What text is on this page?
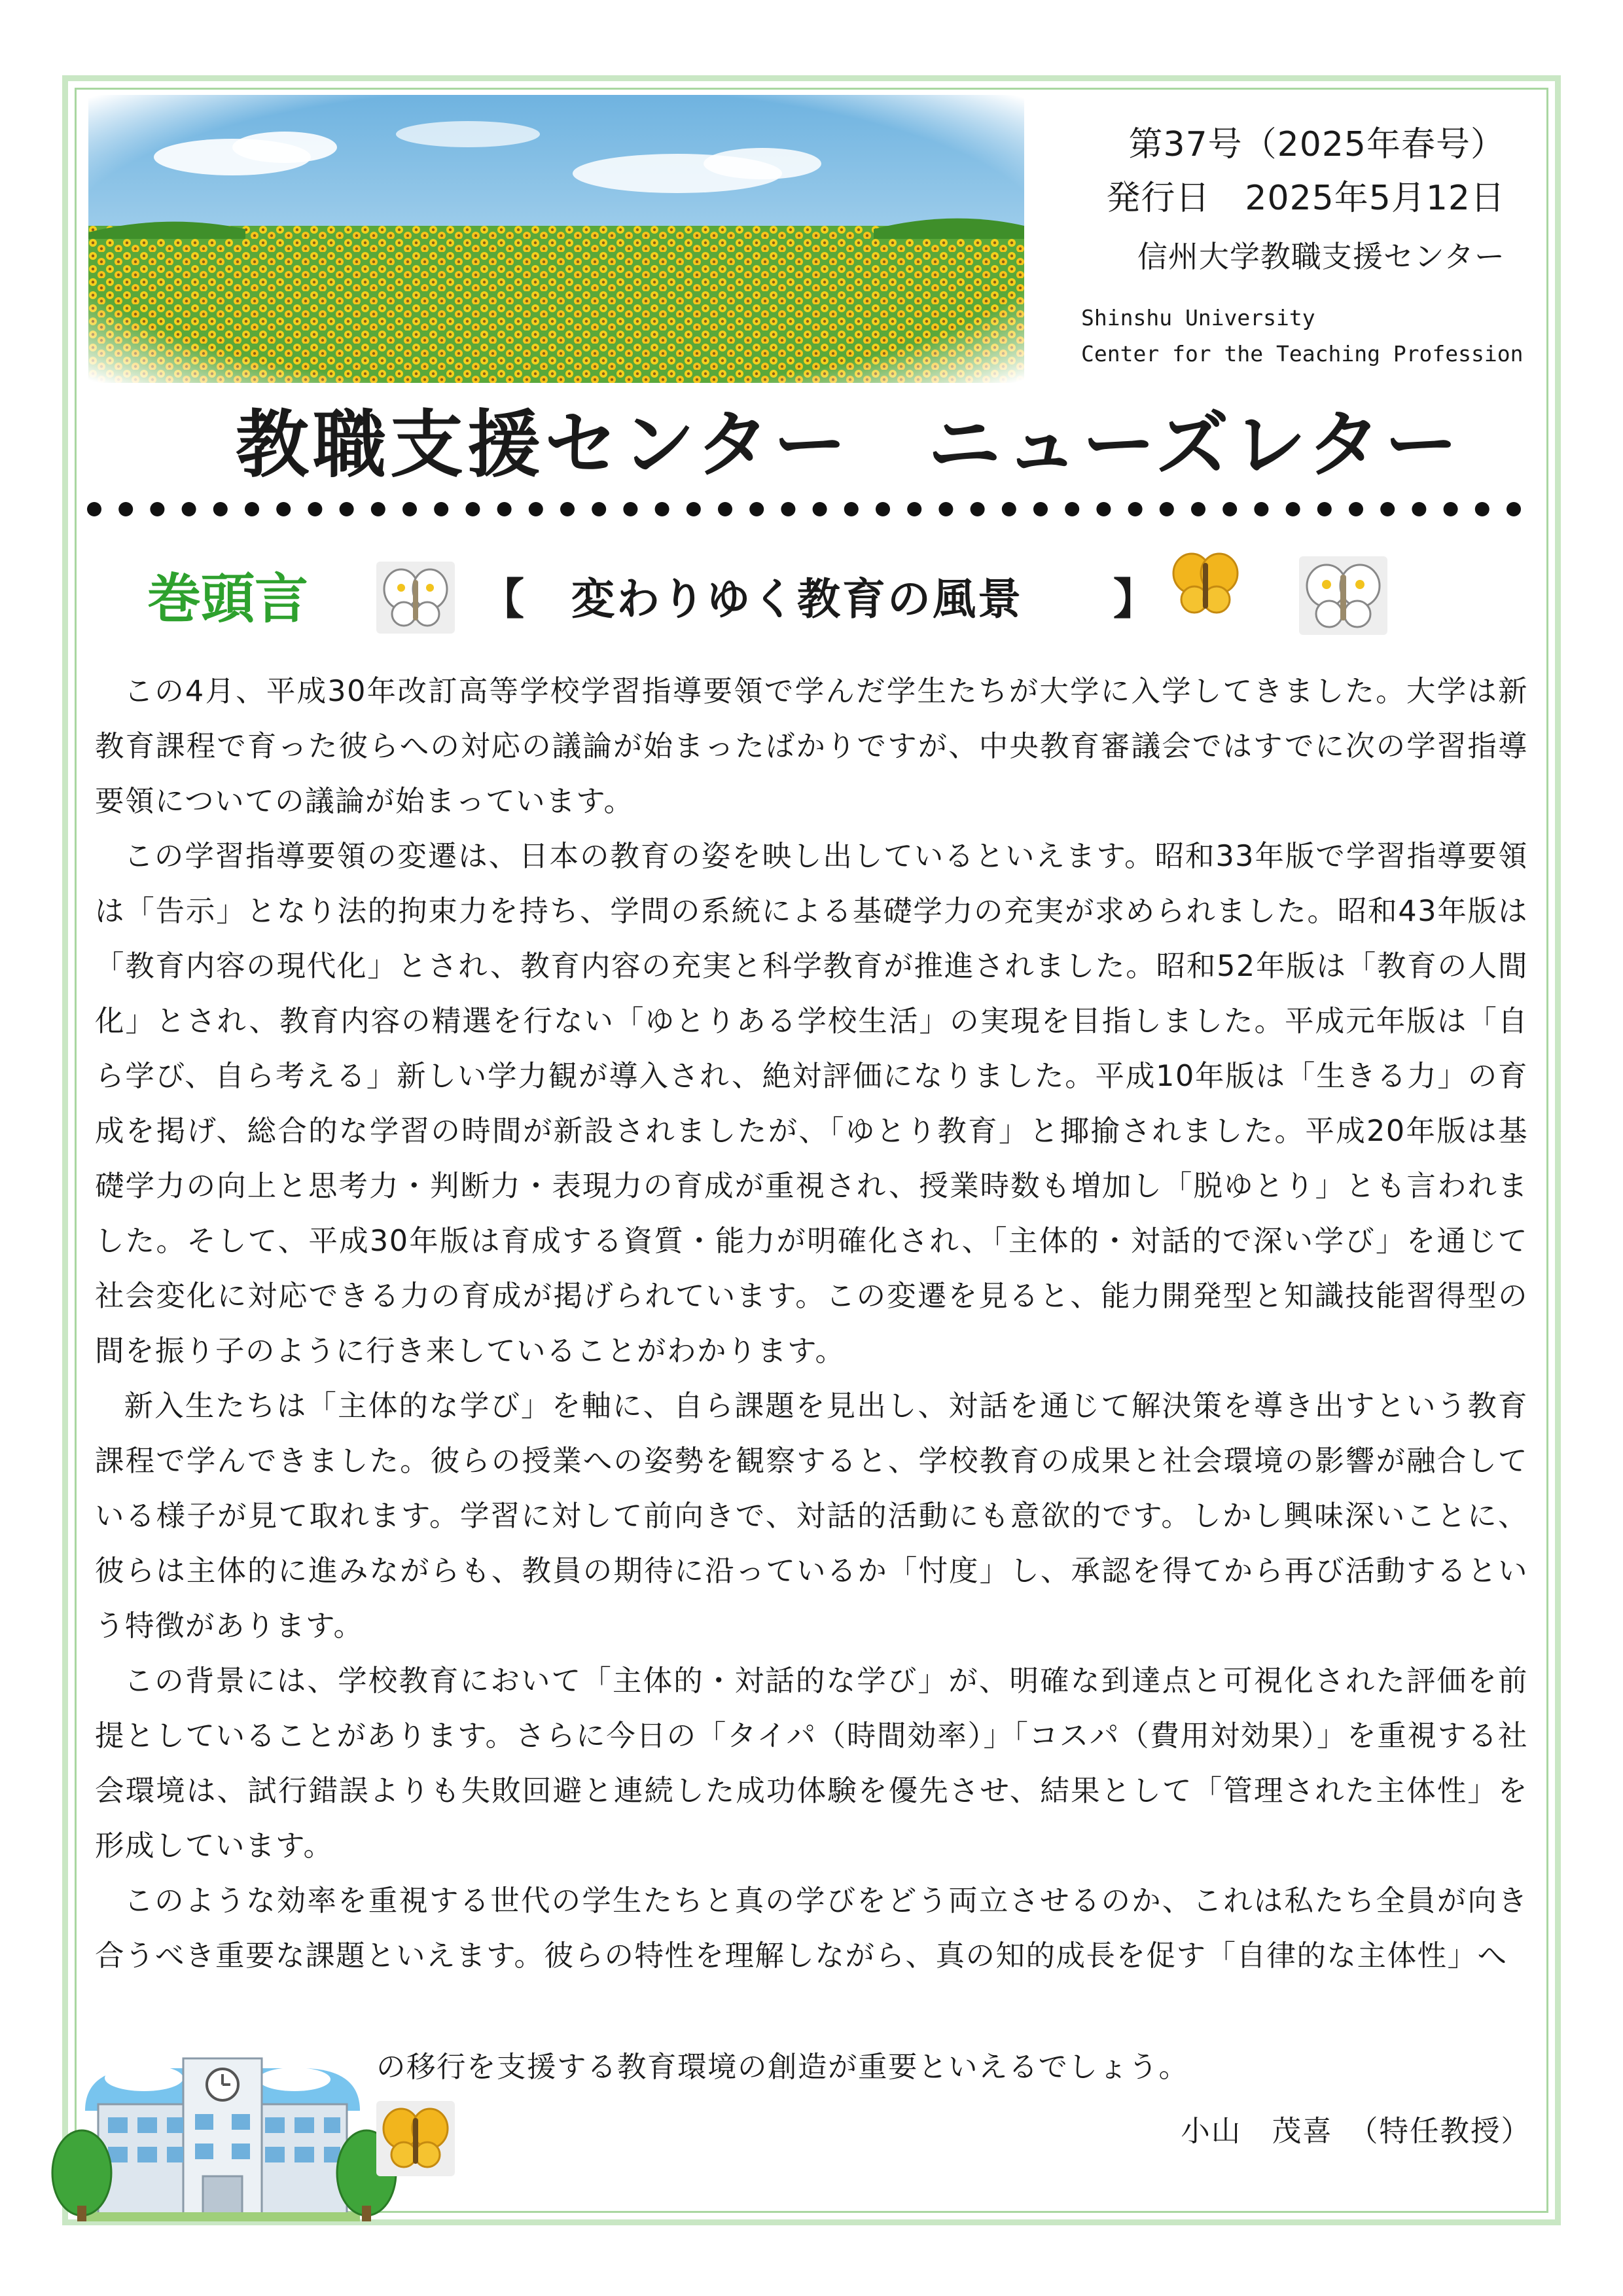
第37号（2025年春号）
発行日　2025年5月12日
信州大学教職支援センター
Shinshu University
Center for the Teaching Profession
教職支援センター　ニューズレター
巻頭言	【　変わりゆく教育の風景　　】

この4月、平成30年改訂高等学校学習指導要領で学んだ学生たちが大学に入学してきました。大学は新教育課程で育った彼らへの対応の議論が始まったばかりですが、中央教育審議会ではすでに次の学習指導要領についての議論が始まっています。

この学習指導要領の変遷は、日本の教育の姿を映し出しているといえます。昭和33年版で学習指導要領は「告示」となり法的拘束力を持ち、学問の系統による基礎学力の充実が求められました。昭和43年版は「教育内容の現代化」とされ、教育内容の充実と科学教育が推進されました。昭和52年版は「教育の人間化」とされ、教育内容の精選を行ない「ゆとりある学校生活」の実現を目指しました。平成元年版は「自ら学び、自ら考える」新しい学力観が導入され、絶対評価になりました。平成10年版は「生きる力」の育成を掲げ、総合的な学習の時間が新設されましたが、「ゆとり教育」と揶揄されました。平成20年版は基礎学力の向上と思考力・判断力・表現力の育成が重視され、授業時数も増加し「脱ゆとり」とも言われました。そして、平成30年版は育成する資質・能力が明確化され、「主体的・対話的で深い学び」を通じて社会変化に対応できる力の育成が掲げられています。この変遷を見ると、能力開発型と知識技能習得型の間を振り子のように行き来していることがわかります。

新入生たちは「主体的な学び」を軸に、自ら課題を見出し、対話を通じて解決策を導き出すという教育課程で学んできました。彼らの授業への姿勢を観察すると、学校教育の成果と社会環境の影響が融合している様子が見て取れます。学習に対して前向きで、対話的活動にも意欲的です。しかし興味深いことに、彼らは主体的に進みながらも、教員の期待に沿っているか「忖度」し、承認を得てから再び活動するという特徴があります。

この背景には、学校教育において「主体的・対話的な学び」が、明確な到達点と可視化された評価を前提としていることがあります。さらに今日の「タイパ（時間効率）」「コスパ（費用対効果）」を重視する社会環境は、試行錯誤よりも失敗回避と連続した成功体験を優先させ、結果として「管理された主体性」を形成しています。

このような効率を重視する世代の学生たちと真の学びをどう両立させるのか、これは私たち全員が向き合うべき重要な課題といえます。彼らの特性を理解しながら、真の知的成長を促す「自律的な主体性」へ

の移行を支援する教育環境の創造が重要といえるでしょう。
小山　茂喜　（特任教授）
